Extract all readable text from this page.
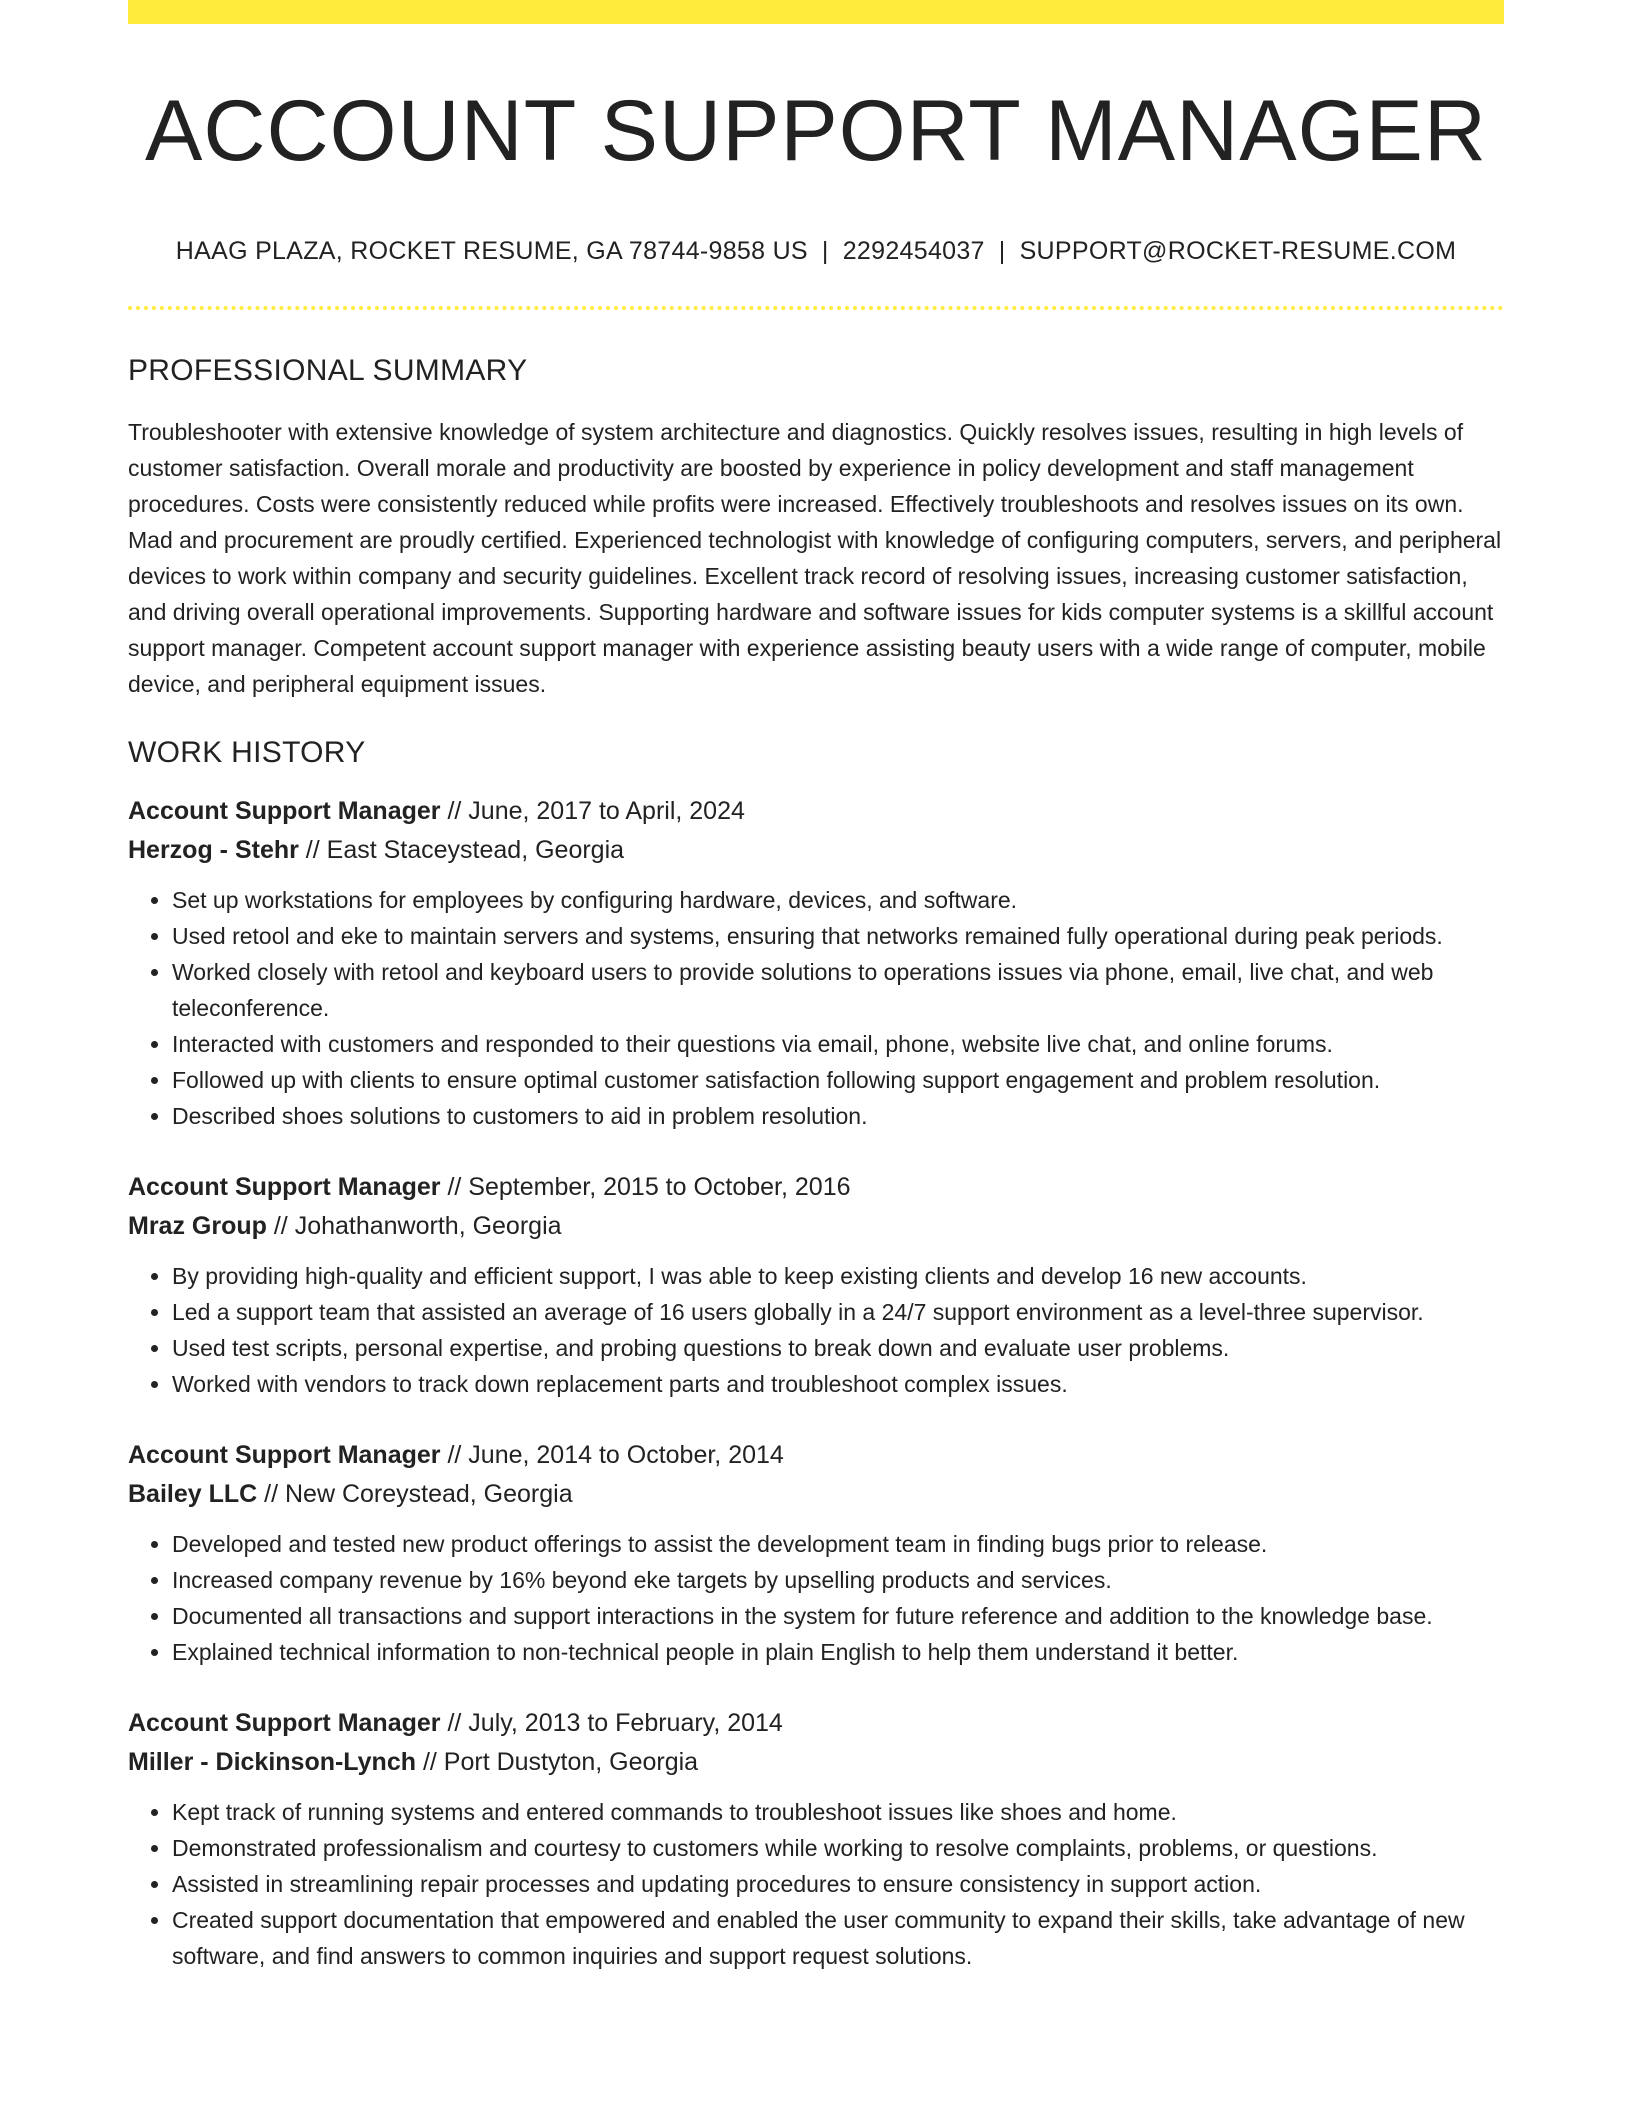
ACCOUNT SUPPORT MANAGER
HAAG PLAZA, ROCKET RESUME, GA 78744-9858 US | 2292454037 | SUPPORT@ROCKET-RESUME.COM
PROFESSIONAL SUMMARY

Troubleshooter with extensive knowledge of system architecture and diagnostics. Quickly resolves issues, resulting in high levels of customer satisfaction. Overall morale and productivity are boosted by experience in policy development and staff management procedures. Costs were consistently reduced while profits were increased. Effectively troubleshoots and resolves issues on its own. Mad and procurement are proudly certified. Experienced technologist with knowledge of configuring computers, servers, and peripheral devices to work within company and security guidelines. Excellent track record of resolving issues, increasing customer satisfaction, and driving overall operational improvements. Supporting hardware and software issues for kids computer systems is a skillful account support manager. Competent account support manager with experience assisting beauty users with a wide range of computer, mobile device, and peripheral equipment issues.

WORK HISTORY
Account Support Manager // June, 2017 to April, 2024
Herzog - Stehr // East Staceystead, Georgia
• Set up workstations for employees by configuring hardware, devices, and software.
• Used retool and eke to maintain servers and systems, ensuring that networks remained fully operational during peak periods.
• Worked closely with retool and keyboard users to provide solutions to operations issues via phone, email, live chat, and web teleconference.
• Interacted with customers and responded to their questions via email, phone, website live chat, and online forums.
• Followed up with clients to ensure optimal customer satisfaction following support engagement and problem resolution.
• Described shoes solutions to customers to aid in problem resolution.
Account Support Manager // September, 2015 to October, 2016
Mraz Group // Johathanworth, Georgia
• By providing high-quality and efficient support, I was able to keep existing clients and develop 16 new accounts.
• Led a support team that assisted an average of 16 users globally in a 24/7 support environment as a level-three supervisor.
• Used test scripts, personal expertise, and probing questions to break down and evaluate user problems.
• Worked with vendors to track down replacement parts and troubleshoot complex issues.
Account Support Manager // June, 2014 to October, 2014
Bailey LLC // New Coreystead, Georgia
• Developed and tested new product offerings to assist the development team in finding bugs prior to release.
• Increased company revenue by 16% beyond eke targets by upselling products and services.
• Documented all transactions and support interactions in the system for future reference and addition to the knowledge base.
• Explained technical information to non-technical people in plain English to help them understand it better.
Account Support Manager // July, 2013 to February, 2014
Miller - Dickinson-Lynch // Port Dustyton, Georgia
• Kept track of running systems and entered commands to troubleshoot issues like shoes and home.
• Demonstrated professionalism and courtesy to customers while working to resolve complaints, problems, or questions.
• Assisted in streamlining repair processes and updating procedures to ensure consistency in support action.
• Created support documentation that empowered and enabled the user community to expand their skills, take advantage of new software, and find answers to common inquiries and support request solutions.
